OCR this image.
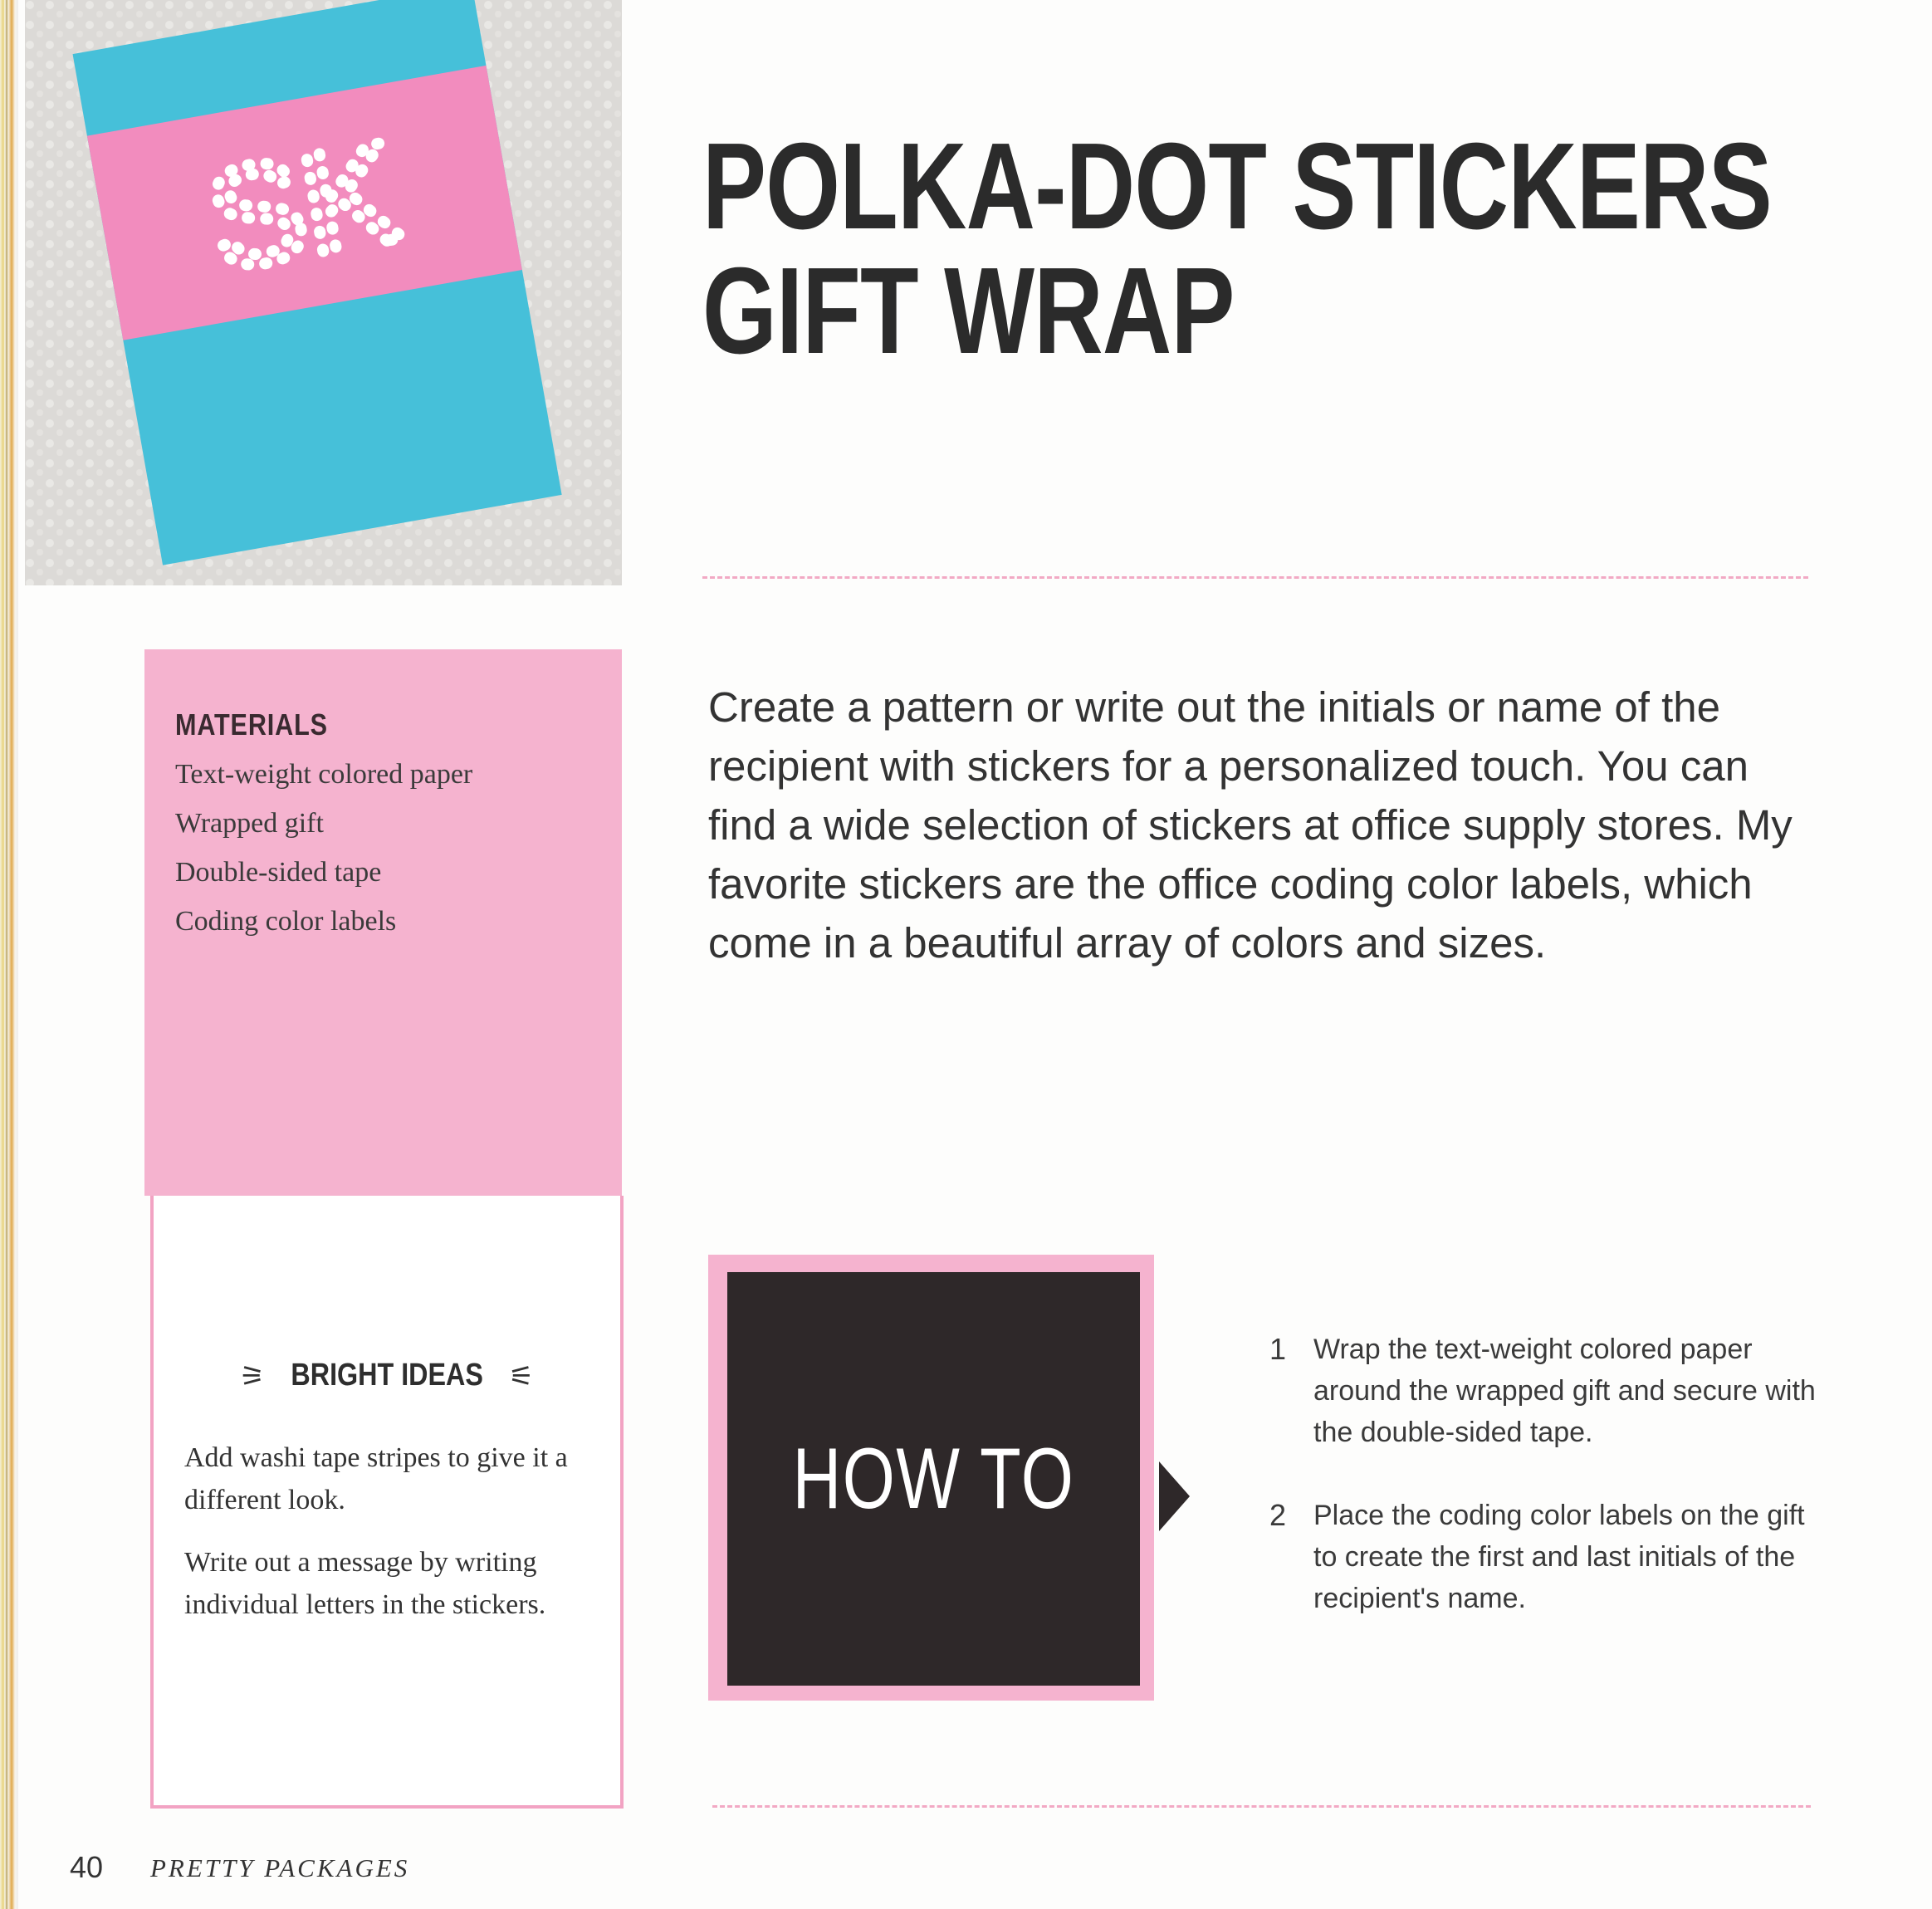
SK POLKA-DOT STICKERS
GIFT WRAP

Create a pattern or write out the initials or name of the recipient with stickers for a personalized touch. You can find a wide selection of stickers at office supply stores. My favorite stickers are the office coding color labels, which come in a beautiful array of colors and sizes.

MATERIALS
Text-weight colored paper
Wrapped gift
Double-sided tape
Coding color labels
⚞ BRIGHT IDEAS ⚟

Add washi tape stripes to give it a different look.

Write out a message by writing individual letters in the stickers.

HOW TO
1 Wrap the text-weight colored paper around the wrapped gift and secure with the double-sided tape.
2 Place the coding color labels on the gift to create the first and last initials of the recipient's name.
40 PRETTY PACKAGES
